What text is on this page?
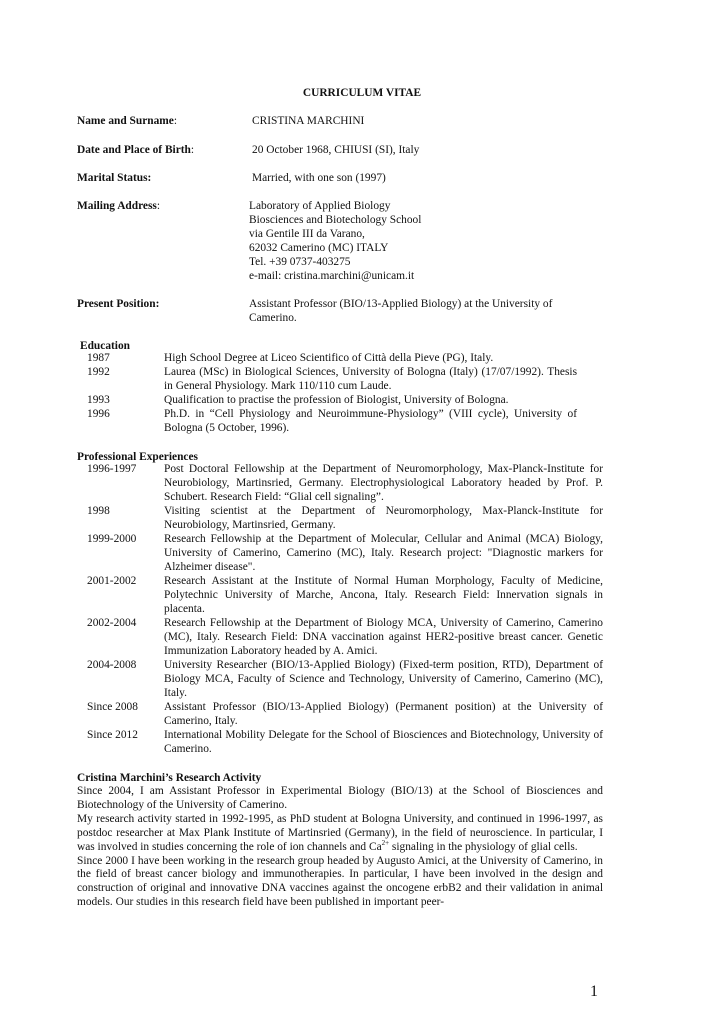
CURRICULUM VITAE
Name and Surname:	CRISTINA MARCHINI
Date and Place of Birth:	20 October 1968, CHIUSI (SI), Italy
Marital Status:	Married, with one son (1997)
Mailing Address:	Laboratory of Applied Biology
Biosciences and Biotechology School
via Gentile III da Varano,
62032 Camerino (MC) ITALY
Tel. +39 0737-403275
e-mail: cristina.marchini@unicam.it
Present Position:	Assistant Professor (BIO/13-Applied Biology) at the University of
Camerino.
Education
1987	High School Degree at Liceo Scientifico of Città della Pieve (PG), Italy.
1992	Laurea (MSc) in Biological Sciences, University of Bologna (Italy) (17/07/1992). Thesis in General Physiology. Mark 110/110 cum Laude.
1993	Qualification to practise the profession of Biologist, University of Bologna.
1996	Ph.D. in “Cell Physiology and Neuroimmune-Physiology” (VIII cycle), University of Bologna (5 October, 1996).
Professional Experiences
1996-1997 Post Doctoral Fellowship at the Department of Neuromorphology, Max-Planck-Institute for Neurobiology, Martinsried, Germany. Electrophysiological Laboratory headed by Prof. P. Schubert. Research Field: “Glial cell signaling”.
1998	Visiting scientist at the Department of Neuromorphology, Max-Planck-Institute for Neurobiology, Martinsried, Germany.
1999-2000 Research Fellowship at the Department of Molecular, Cellular and Animal (MCA) Biology, University of Camerino, Camerino (MC), Italy. Research project: "Diagnostic markers for Alzheimer disease".
2001-2002 Research Assistant at the Institute of Normal Human Morphology, Faculty of Medicine, Polytechnic University of Marche, Ancona, Italy. Research Field: Innervation signals in placenta.
2002-2004 Research Fellowship at the Department of Biology MCA, University of Camerino, Camerino (MC), Italy. Research Field: DNA vaccination against HER2-positive breast cancer. Genetic Immunization Laboratory headed by A. Amici.
2004-2008 University Researcher (BIO/13-Applied Biology) (Fixed-term position, RTD), Department of Biology MCA, Faculty of Science and Technology, University of Camerino, Camerino (MC), Italy.
Since 2008 Assistant Professor (BIO/13-Applied Biology) (Permanent position) at the University of Camerino, Italy.
Since 2012 International Mobility Delegate for the School of Biosciences and Biotechnology, University of Camerino.
Cristina Marchini’s Research Activity

Since 2004, I am Assistant Professor in Experimental Biology (BIO/13) at the School of Biosciences and Biotechnology of the University of Camerino.

My research activity started in 1992-1995, as PhD student at Bologna University, and continued in 1996-1997, as postdoc researcher at Max Plank Institute of Martinsried (Germany), in the field of neuroscience. In particular, I was involved in studies concerning the role of ion channels and $Ca^{2+}$ signaling in the physiology of glial cells.

Since 2000 I have been working in the research group headed by Augusto Amici, at the University of Camerino, in the field of breast cancer biology and immunotherapies. In particular, I have been involved in the design and construction of original and innovative DNA vaccines against the oncogene erbB2 and their validation in animal models. Our studies in this research field have been published in important peer-

1
